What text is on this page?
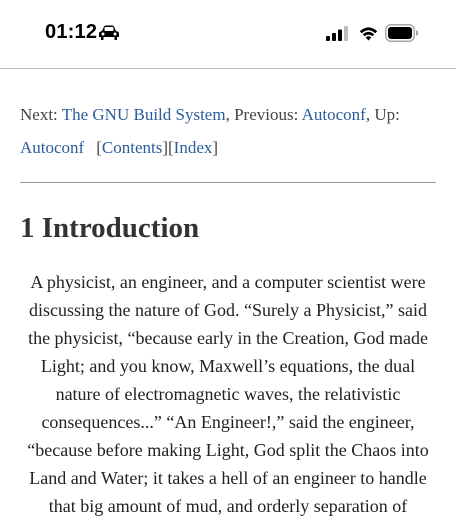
01:12
Next: The GNU Build System, Previous: Autoconf, Up:
Autoconf [Contents][Index]
1 Introduction

A physicist, an engineer, and a computer scientist were
discussing the nature of God. “Surely a Physicist,” said
the physicist, “because early in the Creation, God made
Light; and you know, Maxwell’s equations, the dual
nature of electromagnetic waves, the relativistic
consequences...” “An Engineer!,” said the engineer,
“because before making Light, God split the Chaos into
Land and Water; it takes a hell of an engineer to handle
that big amount of mud, and orderly separation of
